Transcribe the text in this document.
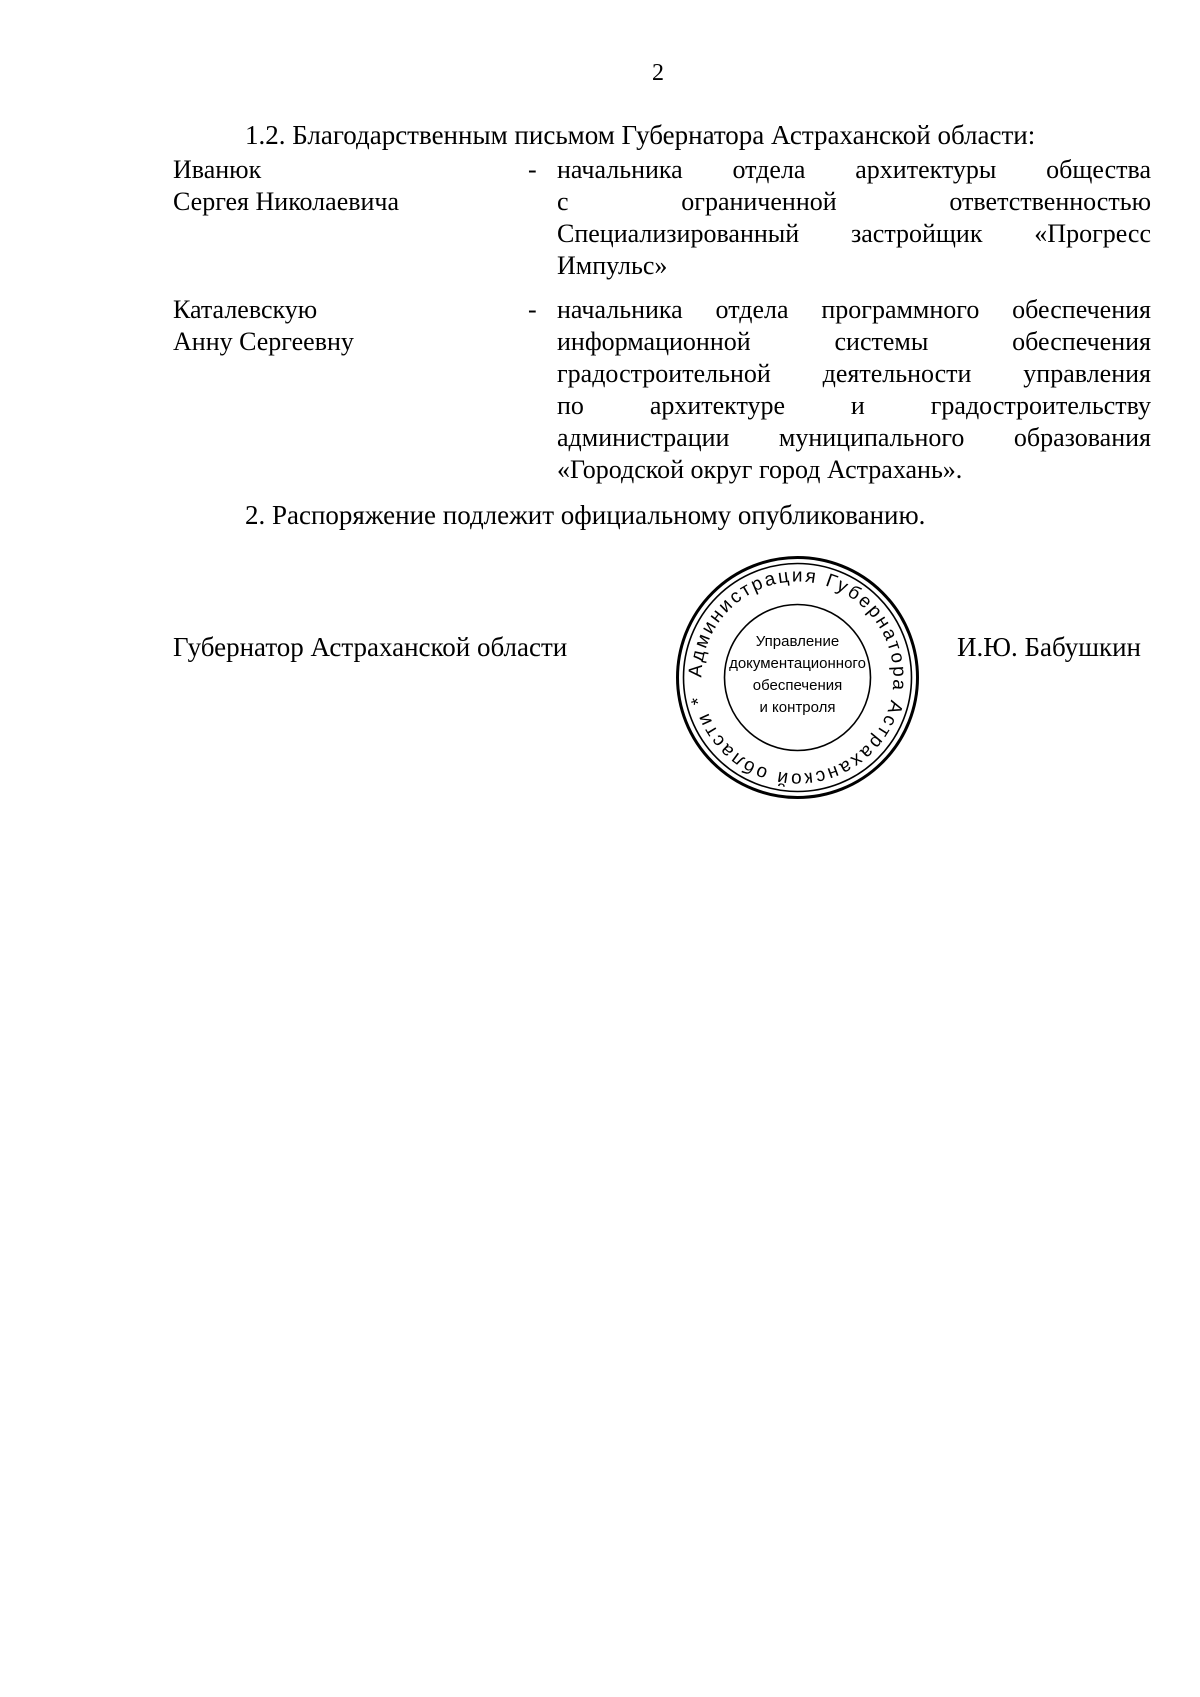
2
1.2. Благодарственным письмом Губернатора Астраханской области:
Иванюк
Сергея Николаевича
- начальника отдела архитектуры общества
с ограниченной ответственностью
Специализированный застройщик «Прогресс
Импульс»
Каталевскую
Анну Сергеевну
- начальника отдела программного обеспечения
информационной системы обеспечения
градостроительной деятельности управления
по архитектуре и градостроительству
администрации муниципального образования
«Городской округ город Астрахань».
2. Распоряжение подлежит официальному опубликованию.
Губернатор Астраханской области	И.Ю. Бабушкин
Администрация Губернатора Астраханской области *
Управление
документационного
обеспечения
и контроля
